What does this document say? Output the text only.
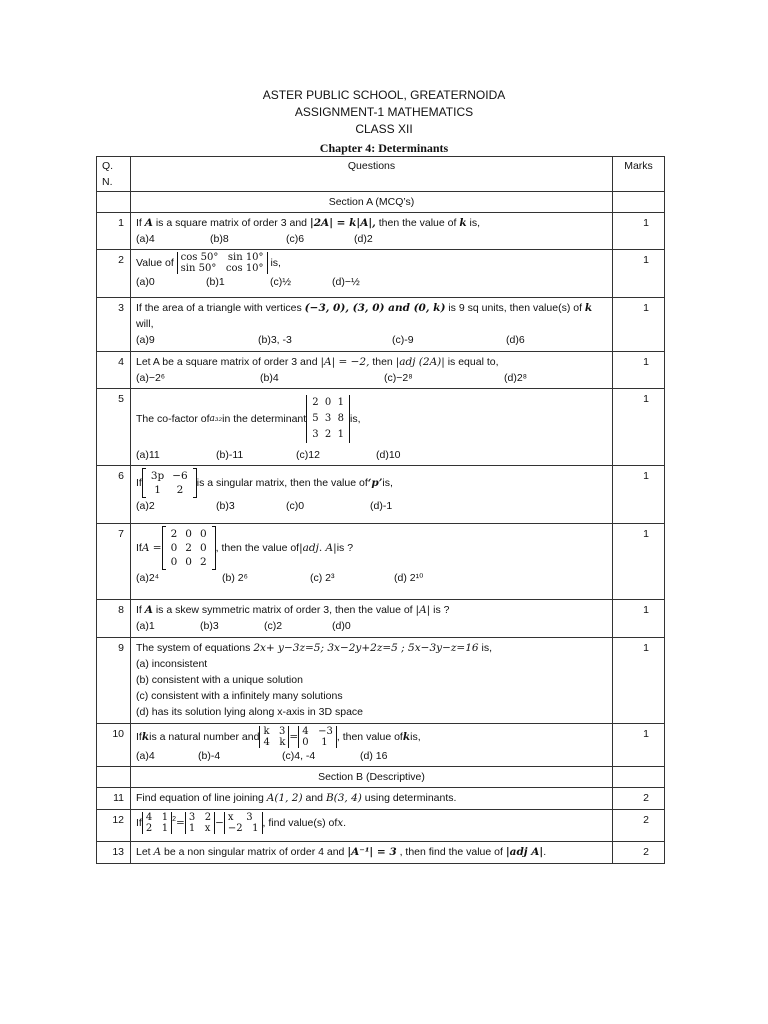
ASTER PUBLIC SCHOOL, GREATERNOIDA
ASSIGNMENT-1 MATHEMATICS
CLASS XII
Chapter 4: Determinants
Q. N.	Questions	Marks
	Section A (MCQ’s)	
1	If A is a square matrix of order 3 and |2A| = k|A|, then the value of k is,
(a)4	(b)8	(c)6	(d)2
	1
2	Value of cos 50°   sin 10°
sin 50°   cos 10° is,
(a)0	(b)1	(c)½	(d)−½
	1
3	If the area of a triangle with vertices (−3, 0), (3, 0) and (0, k) is 9 sq units, then value(s) of k
will,
(a)9	(b)3, -3	(c)-9	(d)6
	1
4	Let A be a square matrix of order 3 and |A| = −2, then |adj (2A)| is equal to,
(a)−2⁶	(b)4	(c)−2⁸	(d)2⁸
	1
5	
The co-factor of a₃₂ in the determinant
2  0  1
5  3  8
3  2  1
is,
(a)11	(b)-11	(c)12	(d)10
	1
6	
If
3p	−6
1	2
is a singular matrix, then the value of ‘p’ is,
(a)2	(b)3	(c)0	(d)-1
	1
7	
If A =
2	0	0
0	2	0
0	0	2
, then the value of |adj. A| is ?
(a)2⁴	(b) 2⁶	(c) 2³	(d) 2¹⁰
	1
8	If A is a skew symmetric matrix of order 3, then the value of |A| is ?
(a)1	(b)3	(c)2	(d)0
	1
9	The system of equations 2x+ y−3z=5; 3x−2y+2z=5 ; 5x−3y−z=16 is,
(a) inconsistent
(b) consistent with a unique solution
(c) consistent with a infinitely many solutions
(d) has its solution lying along x-axis in 3D space
	1
10	If k is a natural number and k   3
4   k = 4   −3
0    1 , then value of k is,
(a)4	(b)-4	(c)4, -4	(d) 16
	1
	Section B (Descriptive)	
11	Find equation of line joining A(1, 2) and B(3, 4) using determinants.	2
12	If 4   1
2   1
$^2$ = 3   2
1   x − x    3
−2   1 , find value(s) of x .	2
13	Let A be a non singular matrix of order 4 and |A⁻¹| = 3 , then find the value of |adj A|.	2
